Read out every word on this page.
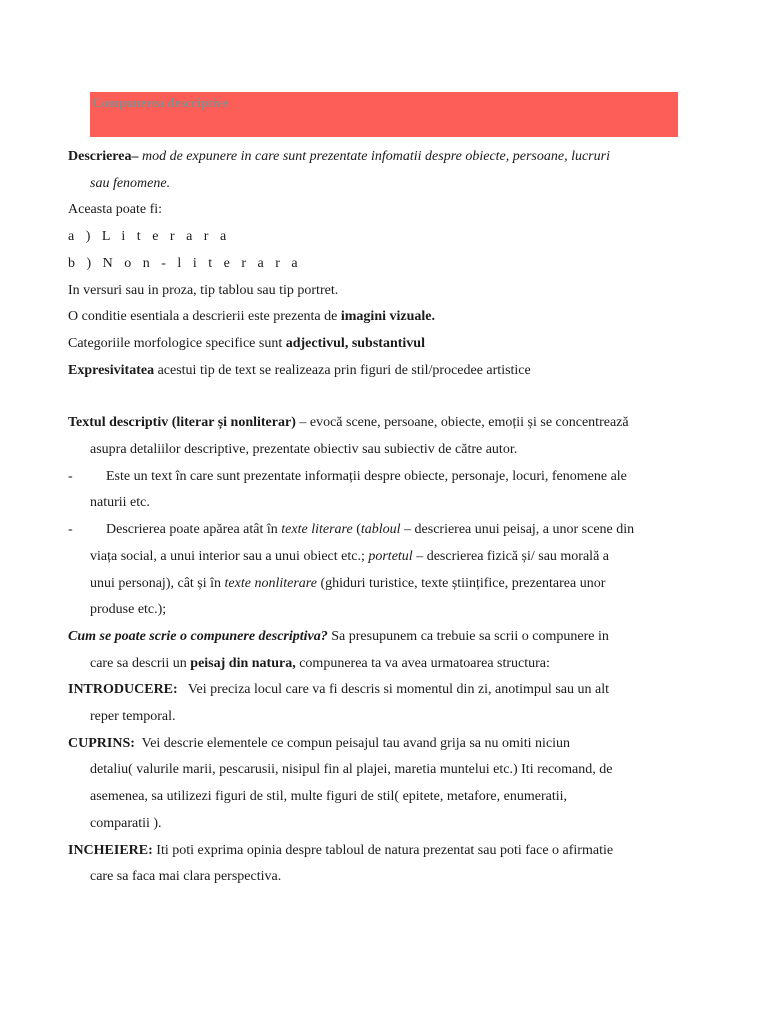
Compunerea descriptive
Descrierea– mod de expunere in care sunt prezentate infomatii despre obiecte, persoane, lucruri
sau fenomene.
Aceasta poate fi:
a ) L i t e r a r a
b ) N o n - l i t e r a r a
In versuri sau in proza, tip tablou sau tip portret.
O conditie esentiala a descrierii este prezenta de imagini vizuale.
Categoriile morfologice specifice sunt adjectivul, substantivul
Expresivitatea acestui tip de text se realizeaza prin figuri de stil/procedee artistice
Textul descriptiv (literar și nonliterar) – evocă scene, persoane, obiecte, emoții și se concentrează
asupra detaliilor descriptive, prezentate obiectiv sau subiectiv de către autor.
-	Este un text în care sunt prezentate informații despre obiecte, personaje, locuri, fenomene ale
naturii etc.
-	Descrierea poate apărea atât în texte literare (tabloul – descrierea unui peisaj, a unor scene din
viața social, a unui interior sau a unui obiect etc.; portetul – descrierea fizică și/ sau morală a
unui personaj), cât și în texte nonliterare (ghiduri turistice, texte științifice, prezentarea unor
produse etc.);
Cum se poate scrie o compunere descriptiva? Sa presupunem ca trebuie sa scrii o compunere in
care sa descrii un peisaj din natura, compunerea ta va avea urmatoarea structura:
INTRODUCERE:   Vei preciza locul care va fi descris si momentul din zi, anotimpul sau un alt
reper temporal.
CUPRINS:  Vei descrie elementele ce compun peisajul tau avand grija sa nu omiti niciun
detaliu( valurile marii, pescarusii, nisipul fin al plajei, maretia muntelui etc.) Iti recomand, de
asemenea, sa utilizezi figuri de stil, multe figuri de stil( epitete, metafore, enumeratii,
comparatii ).
INCHEIERE: Iti poti exprima opinia despre tabloul de natura prezentat sau poti face o afirmatie
care sa faca mai clara perspectiva.
